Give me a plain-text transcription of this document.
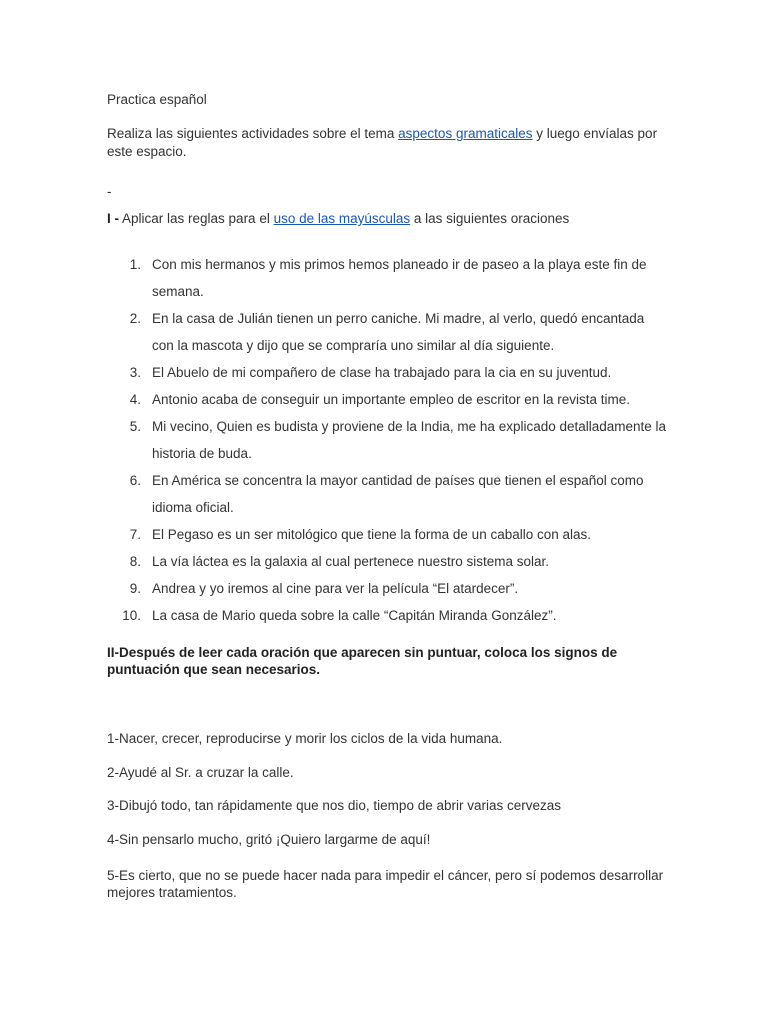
Practica español
Realiza las siguientes actividades sobre el tema aspectos gramaticales y luego envíalas por este espacio.
-
I - Aplicar las reglas para el uso de las mayúsculas a las siguientes oraciones
1. Con mis hermanos y mis primos hemos planeado ir de paseo a la playa este fin de semana.
2. En la casa de Julián tienen un perro caniche. Mi madre, al verlo, quedó encantada con la mascota y dijo que se compraría uno similar al día siguiente.
3. El Abuelo de mi compañero de clase ha trabajado para la cia en su juventud.
4. Antonio acaba de conseguir un importante empleo de escritor en la revista time.
5. Mi vecino, Quien es budista y proviene de la India, me ha explicado detalladamente la historia de buda.
6. En América se concentra la mayor cantidad de países que tienen el español como idioma oficial.
7. El Pegaso es un ser mitológico que tiene la forma de un caballo con alas.
8. La vía láctea es la galaxia al cual pertenece nuestro sistema solar.
9. Andrea y yo iremos al cine para ver la película “El atardecer”.
10. La casa de Mario queda sobre la calle “Capitán Miranda González”.
II-Después de leer cada oración que aparecen sin puntuar, coloca los signos de puntuación que sean necesarios.
1-Nacer, crecer, reproducirse y morir los ciclos de la vida humana.
2-Ayudé al Sr. a cruzar la calle.
3-Dibujó todo, tan rápidamente que nos dio, tiempo de abrir varias cervezas
4-Sin pensarlo mucho, gritó ¡Quiero largarme de aquí!
5-Es cierto, que no se puede hacer nada para impedir el cáncer, pero sí podemos desarrollar mejores tratamientos.
